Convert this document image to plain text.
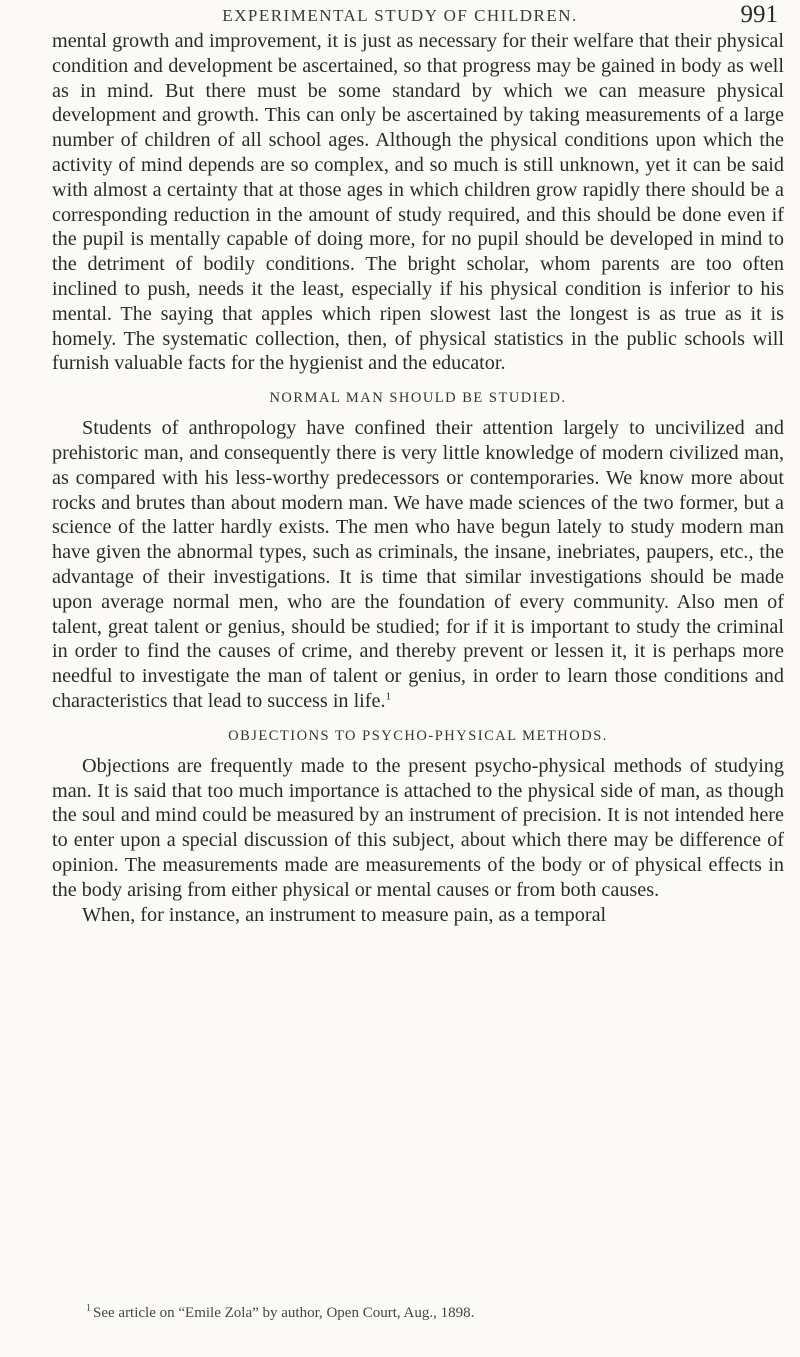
EXPERIMENTAL STUDY OF CHILDREN.	991

mental growth and improvement, it is just as necessary for their welfare that their physical condition and development be ascertained, so that progress may be gained in body as well as in mind. But there must be some standard by which we can measure physical development and growth. This can only be ascertained by taking measurements of a large number of children of all school ages. Although the physical conditions upon which the activity of mind depends are so complex, and so much is still unknown, yet it can be said with almost a certainty that at those ages in which children grow rapidly there should be a corresponding reduction in the amount of study required, and this should be done even if the pupil is mentally capable of doing more, for no pupil should be developed in mind to the detriment of bodily conditions. The bright scholar, whom parents are too often inclined to push, needs it the least, especially if his physical condition is inferior to his mental. The saying that apples which ripen slowest last the longest is as true as it is homely. The systematic collection, then, of physical statistics in the public schools will furnish valuable facts for the hygienist and the educator.

NORMAL MAN SHOULD BE STUDIED.

Students of anthropology have confined their attention largely to uncivilized and prehistoric man, and consequently there is very little knowledge of modern civilized man, as compared with his less-worthy predecessors or contemporaries. We know more about rocks and brutes than about modern man. We have made sciences of the two former, but a science of the latter hardly exists. The men who have begun lately to study modern man have given the abnormal types, such as criminals, the insane, inebriates, paupers, etc., the advantage of their investigations. It is time that similar investigations should be made upon average normal men, who are the foundation of every community. Also men of talent, great talent or genius, should be studied; for if it is important to study the criminal in order to find the causes of crime, and thereby prevent or lessen it, it is perhaps more needful to investigate the man of talent or genius, in order to learn those conditions and characteristics that lead to success in life.$^1$

OBJECTIONS TO PSYCHO-PHYSICAL METHODS.

Objections are frequently made to the present psycho-physical methods of studying man. It is said that too much importance is attached to the physical side of man, as though the soul and mind could be measured by an instrument of precision. It is not intended here to enter upon a special discussion of this subject, about which there may be difference of opinion. The measurements made are measurements of the body or of physical effects in the body arising from either physical or mental causes or from both causes.

When, for instance, an instrument to measure pain, as a temporal

$^1$ See article on “Emile Zola” by author, Open Court, Aug., 1898.
